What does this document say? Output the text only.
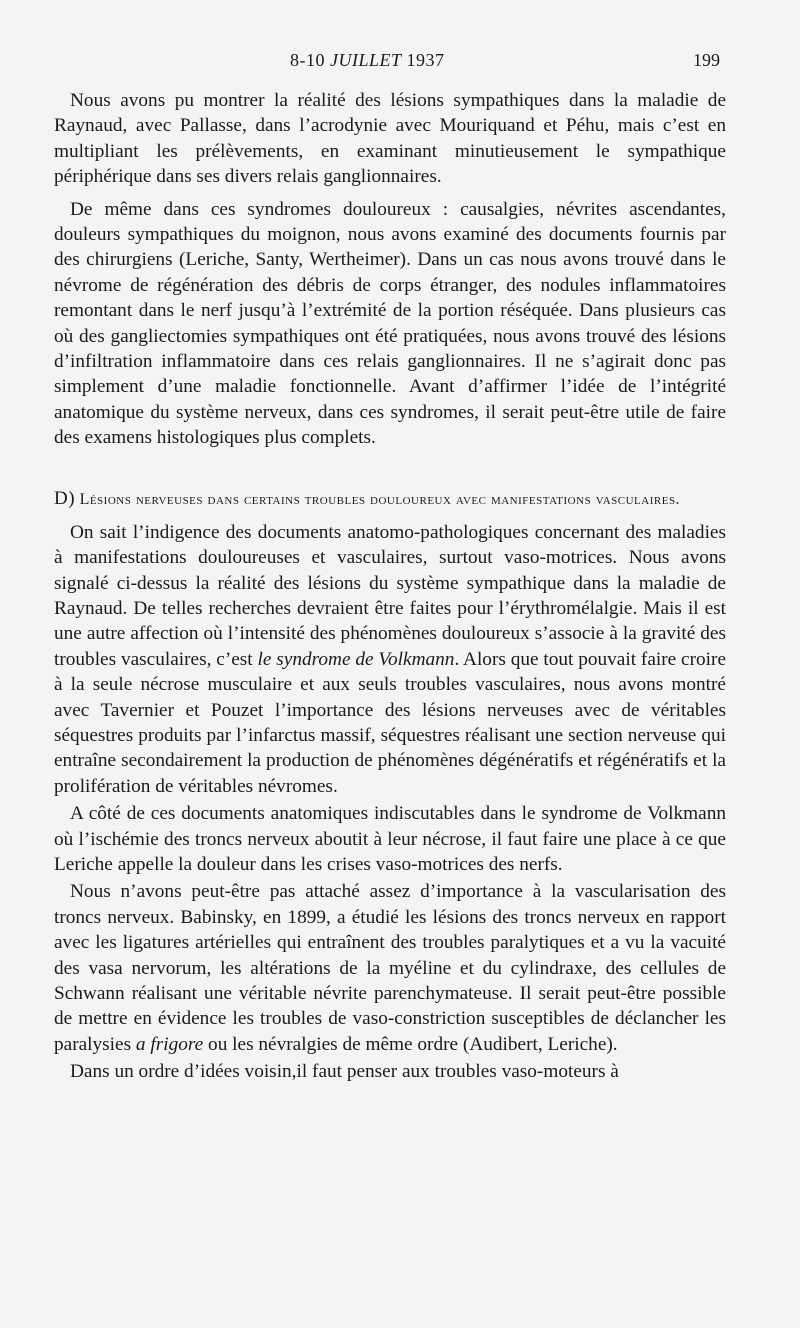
8-10 JUILLET 1937	199

Nous avons pu montrer la réalité des lésions sympathiques dans la maladie de Raynaud, avec Pallasse, dans l’acrodynie avec Mouriquand et Péhu, mais c’est en multipliant les prélèvements, en examinant minutieusement le sympathique périphérique dans ses divers relais ganglionnaires.

De même dans ces syndromes douloureux : causalgies, névrites ascendantes, douleurs sympathiques du moignon, nous avons examiné des documents fournis par des chirurgiens (Leriche, Santy, Wertheimer). Dans un cas nous avons trouvé dans le névrome de régénération des débris de corps étranger, des nodules inflammatoires remontant dans le nerf jusqu’à l’extrémité de la portion réséquée. Dans plusieurs cas où des gangliectomies sympathiques ont été pratiquées, nous avons trouvé des lésions d’infiltration inflammatoire dans ces relais ganglionnaires. Il ne s’agirait donc pas simplement d’une maladie fonctionnelle. Avant d’affirmer l’idée de l’intégrité anatomique du système nerveux, dans ces syndromes, il serait peut-être utile de faire des examens histologiques plus complets.

D) Lésions nerveuses dans certains troubles douloureux avec manifestations vasculaires.

On sait l’indigence des documents anatomo-pathologiques concernant des maladies à manifestations douloureuses et vasculaires, surtout vaso-motrices. Nous avons signalé ci-dessus la réalité des lésions du système sympathique dans la maladie de Raynaud. De telles recherches devraient être faites pour l’érythromélalgie. Mais il est une autre affection où l’intensité des phénomènes douloureux s’associe à la gravité des troubles vasculaires, c’est le syndrome de Volkmann. Alors que tout pouvait faire croire à la seule nécrose musculaire et aux seuls troubles vasculaires, nous avons montré avec Tavernier et Pouzet l’importance des lésions nerveuses avec de véritables séquestres produits par l’infarctus massif, séquestres réalisant une section nerveuse qui entraîne secondairement la production de phénomènes dégénératifs et régénératifs et la prolifération de véritables névromes.

A côté de ces documents anatomiques indiscutables dans le syndrome de Volkmann où l’ischémie des troncs nerveux aboutit à leur nécrose, il faut faire une place à ce que Leriche appelle la douleur dans les crises vaso-motrices des nerfs.

Nous n’avons peut-être pas attaché assez d’importance à la vascularisation des troncs nerveux. Babinsky, en 1899, a étudié les lésions des troncs nerveux en rapport avec les ligatures artérielles qui entraînent des troubles paralytiques et a vu la vacuité des vasa nervorum, les altérations de la myéline et du cylindraxe, des cellules de Schwann réalisant une véritable névrite parenchymateuse. Il serait peut-être possible de mettre en évidence les troubles de vaso-constriction susceptibles de déclancher les paralysies a frigore ou les névralgies de même ordre (Audibert, Leriche).

Dans un ordre d’idées voisin,il faut penser aux troubles vaso-moteurs à
